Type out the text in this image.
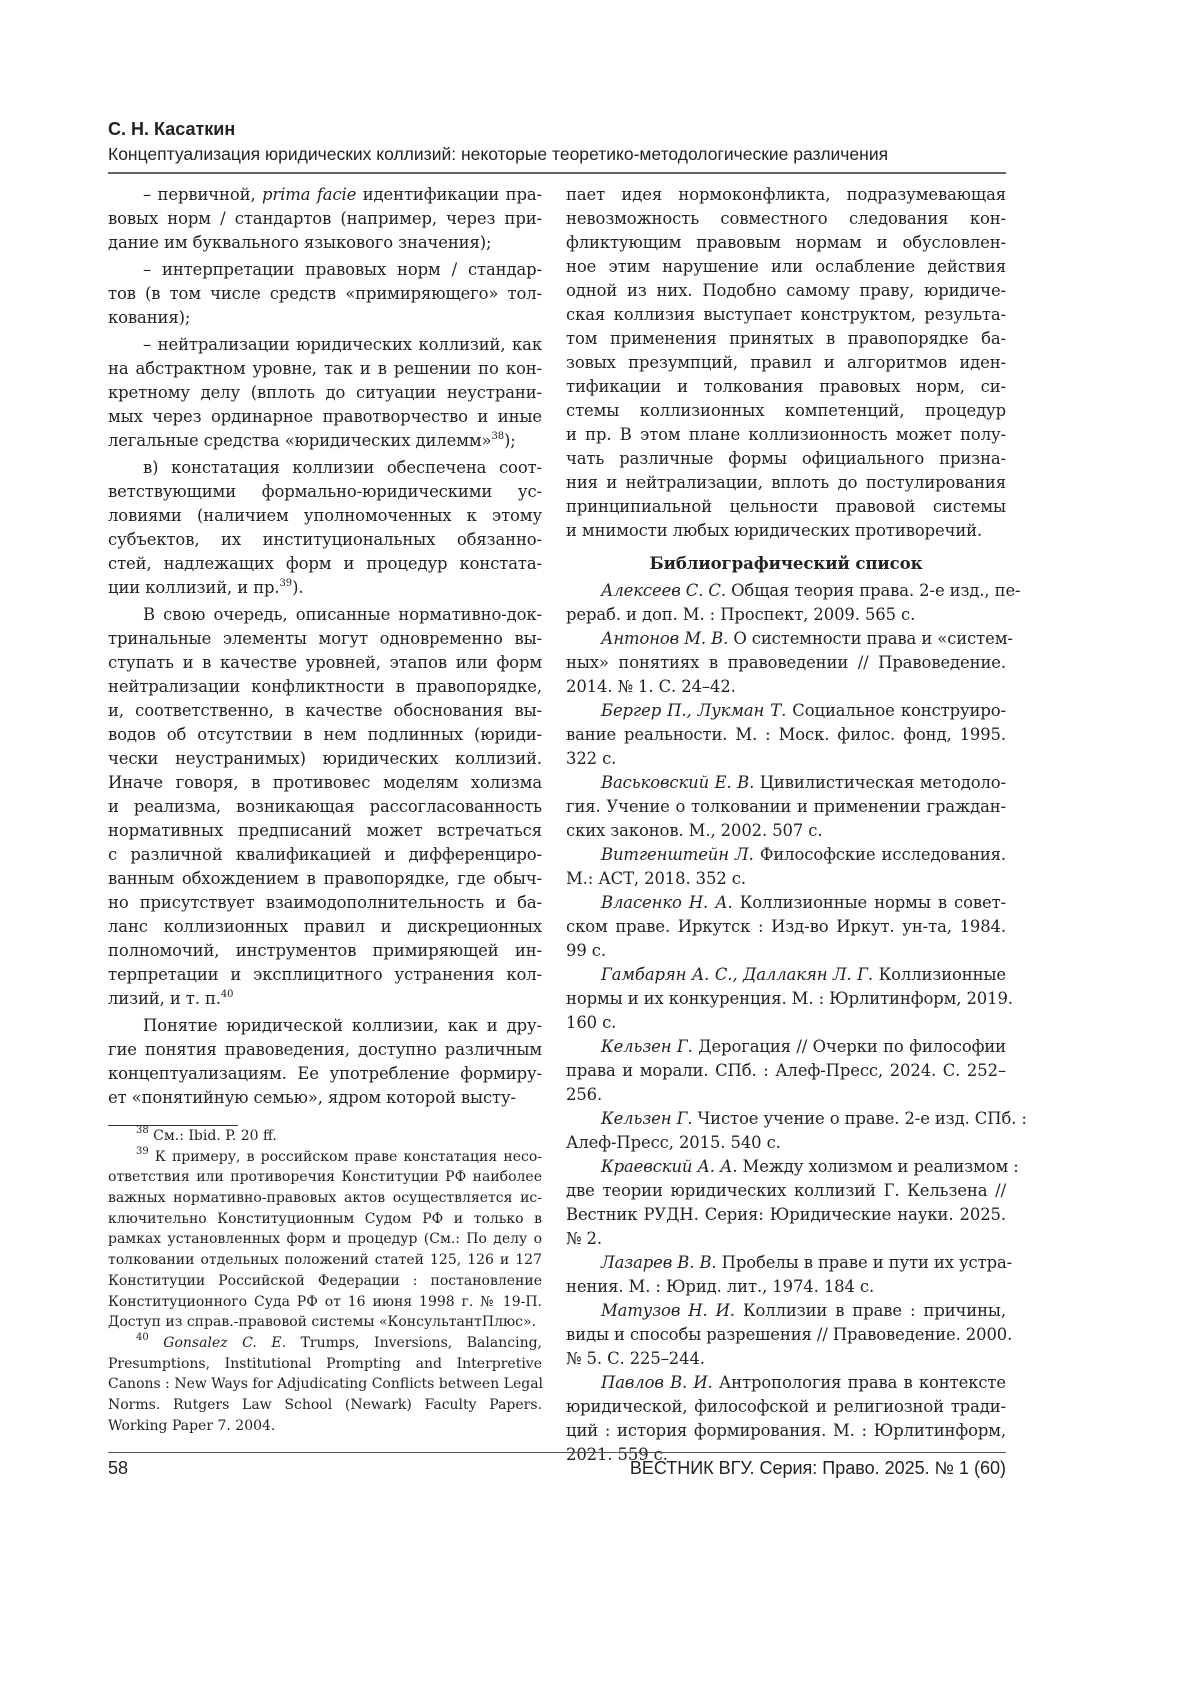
С. Н. Касаткин
Концептуализация юридических коллизий: некоторые теоретико-методологические различения
– первичной, prima facie идентификации пра-
вовых норм / стандартов (например, через при-
дание им буквального языкового значения);
– интерпретации правовых норм / стандар-
тов (в том числе средств «примиряющего» тол-
кования);
– нейтрализации юридических коллизий, как
на абстрактном уровне, так и в решении по кон-
кретному делу (вплоть до ситуации неустрани-
мых через ординарное правотворчество и иные
легальные средства «юридических дилемм»38);
в) констатация коллизии обеспечена соот-
ветствующими формально-юридическими ус-
ловиями (наличием уполномоченных к этому
субъектов, их институциональных обязанно-
стей, надлежащих форм и процедур констата-
ции коллизий, и пр.39).
В свою очередь, описанные нормативно-док-
тринальные элементы могут одновременно вы-
ступать и в качестве уровней, этапов или форм
нейтрализации конфликтности в правопорядке,
и, соответственно, в качестве обоснования вы-
водов об отсутствии в нем подлинных (юриди-
чески неустранимых) юридических коллизий.
Иначе говоря, в противовес моделям холизма
и реализма, возникающая рассогласованность
нормативных предписаний может встречаться
с различной квалификацией и дифференциро-
ванным обхождением в правопорядке, где обыч-
но присутствует взаимодополнительность и ба-
ланс коллизионных правил и дискреционных
полномочий, инструментов примиряющей ин-
терпретации и эксплицитного устранения кол-
лизий, и т. п.40
Понятие юридической коллизии, как и дру-
гие понятия правоведения, доступно различным
концептуализациям. Ее употребление формиру-
ет «понятийную семью», ядром которой высту-
пает идея нормоконфликта, подразумевающая
невозможность совместного следования кон-
фликтующим правовым нормам и обусловлен-
ное этим нарушение или ослабление действия
одной из них. Подобно самому праву, юридиче-
ская коллизия выступает конструктом, результа-
том применения принятых в правопорядке ба-
зовых презумпций, правил и алгоритмов иден-
тификации и толкования правовых норм, си-
стемы коллизионных компетенций, процедур
и пр. В этом плане коллизионность может полу-
чать различные формы официального призна-
ния и нейтрализации, вплоть до постулирования
принципиальной цельности правовой системы
и мнимости любых юридических противоречий.
Библиографический список
Алексеев С. С. Общая теория права. 2-е изд., пе-
рераб. и доп. М. : Проспект, 2009. 565 с.
Антонов М. В. О системности права и «систем-
ных» понятиях в правоведении // Правоведение.
2014. № 1. С. 24–42.
Бергер П., Лукман Т. Социальное конструиро-
вание реальности. М. : Моск. филос. фонд, 1995.
322 с.
Васьковский Е. В. Цивилистическая методоло-
гия. Учение о толковании и применении граждан-
ских законов. М., 2002. 507 с.
Витгенштейн Л. Философские исследования.
М.: АСТ, 2018. 352 с.
Власенко Н. А. Коллизионные нормы в совет-
ском праве. Иркутск : Изд-во Иркут. ун-та, 1984.
99 с.
Гамбарян А. С., Даллакян Л. Г. Коллизионные
нормы и их конкуренция. М. : Юрлитинформ, 2019.
160 с.
Кельзен Г. Дерогация // Очерки по философии
права и морали. СПб. : Алеф-Пресс, 2024. С. 252–
256.
Кельзен Г. Чистое учение о праве. 2-е изд. СПб. :
Алеф-Пресс, 2015. 540 с.
Краевский А. А. Между холизмом и реализмом :
две теории юридических коллизий Г. Кельзена //
Вестник РУДН. Серия: Юридические науки. 2025.
№ 2.
Лазарев В. В. Пробелы в праве и пути их устра-
нения. М. : Юрид. лит., 1974. 184 с.
Матузов Н. И. Коллизии в праве : причины,
виды и способы разрешения // Правоведение. 2000.
№ 5. С. 225–244.
Павлов В. И. Антропология права в контексте
юридической, философской и религиозной тради-
ций : история формирования. М. : Юрлитинформ,
2021. 559 с.
38 См.: Ibid. P. 20 ff.
39 К примеру, в российском праве констатация несо-
ответствия или противоречия Конституции РФ наиболее
важных нормативно-правовых актов осуществляется ис-
ключительно Конституционным Судом РФ и только в
рамках установленных форм и процедур (См.: По делу о
толковании отдельных положений статей 125, 126 и 127
Конституции Российской Федерации : постановление
Конституционного Суда РФ от 16 июня 1998 г. № 19-П.
Доступ из справ.-правовой системы «КонсультантПлюс».
40 Gonsalez C. E. Trumps, Inversions, Balancing,
Presumptions, Institutional Prompting and Interpretive
Canons : New Ways for Adjudicating Conflicts between Legal
Norms. Rutgers Law School (Newark) Faculty Papers.
Working Paper 7. 2004.
58	ВЕСТНИК ВГУ. Серия: Право. 2025. № 1 (60)
